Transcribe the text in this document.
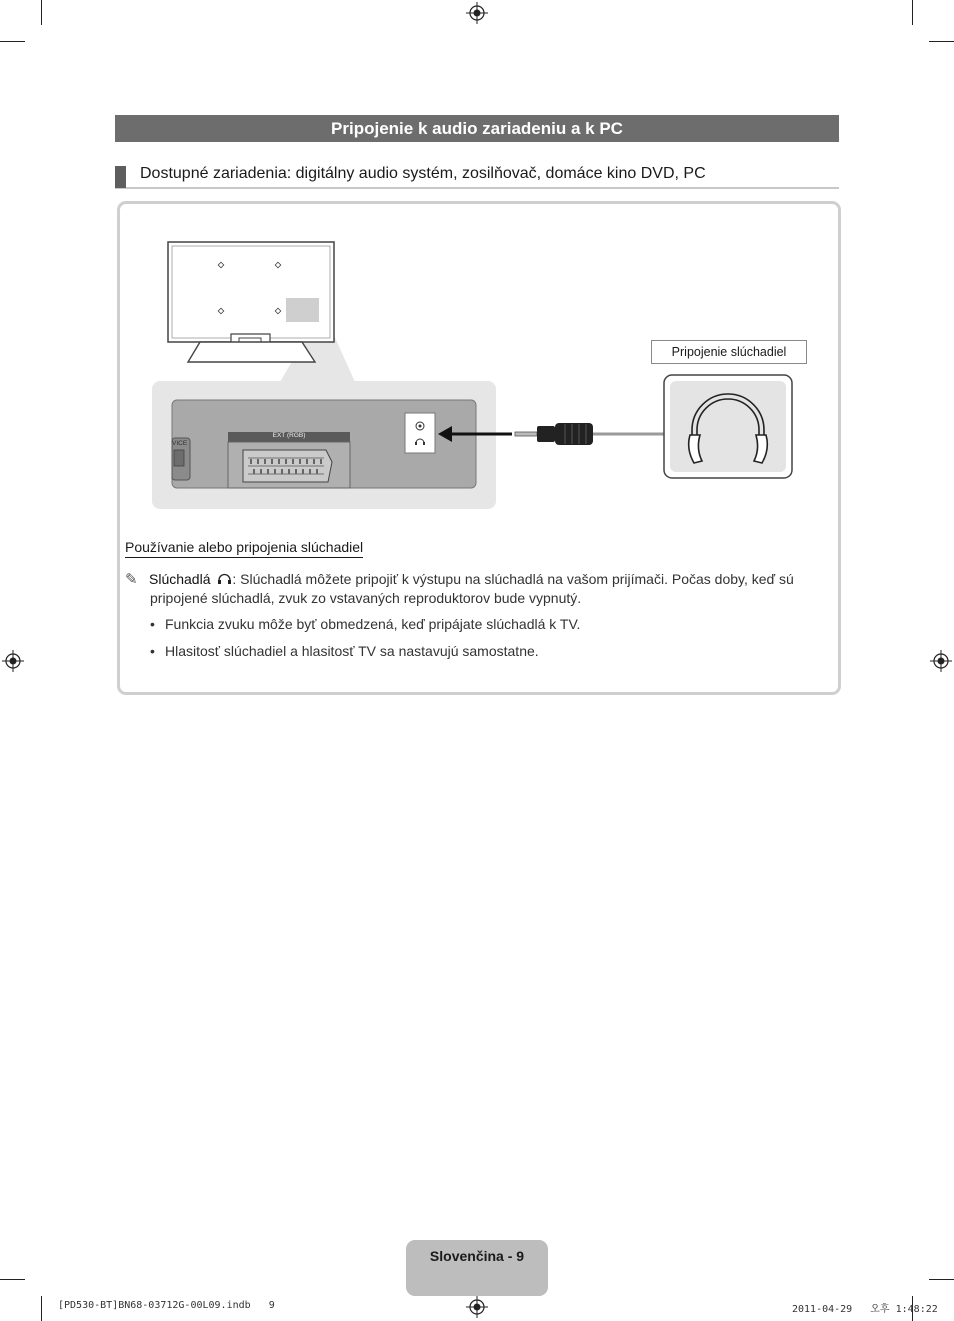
Pripojenie k audio zariadeniu a k PC
Dostupné zariadenia: digitálny audio systém, zosilňovač, domáce kino DVD, PC
EXT (RGB)
VICE
Pripojenie slúchadiel
Používanie alebo pripojenia slúchadiel
✎ Slúchadlá : Slúchadlá môžete pripojiť k výstupu na slúchadlá na vašom prijímači. Počas doby, keď sú
pripojené slúchadlá, zvuk zo vstavaných reproduktorov bude vypnutý.
• Funkcia zvuku môže byť obmedzená, keď pripájate slúchadlá k TV.
• Hlasitosť slúchadiel a hlasitosť TV sa nastavujú samostatne.
Slovenčina - 9
[PD530-BT]BN68-03712G-00L09.indb   9	2011-04-29   오후 1:48:22
